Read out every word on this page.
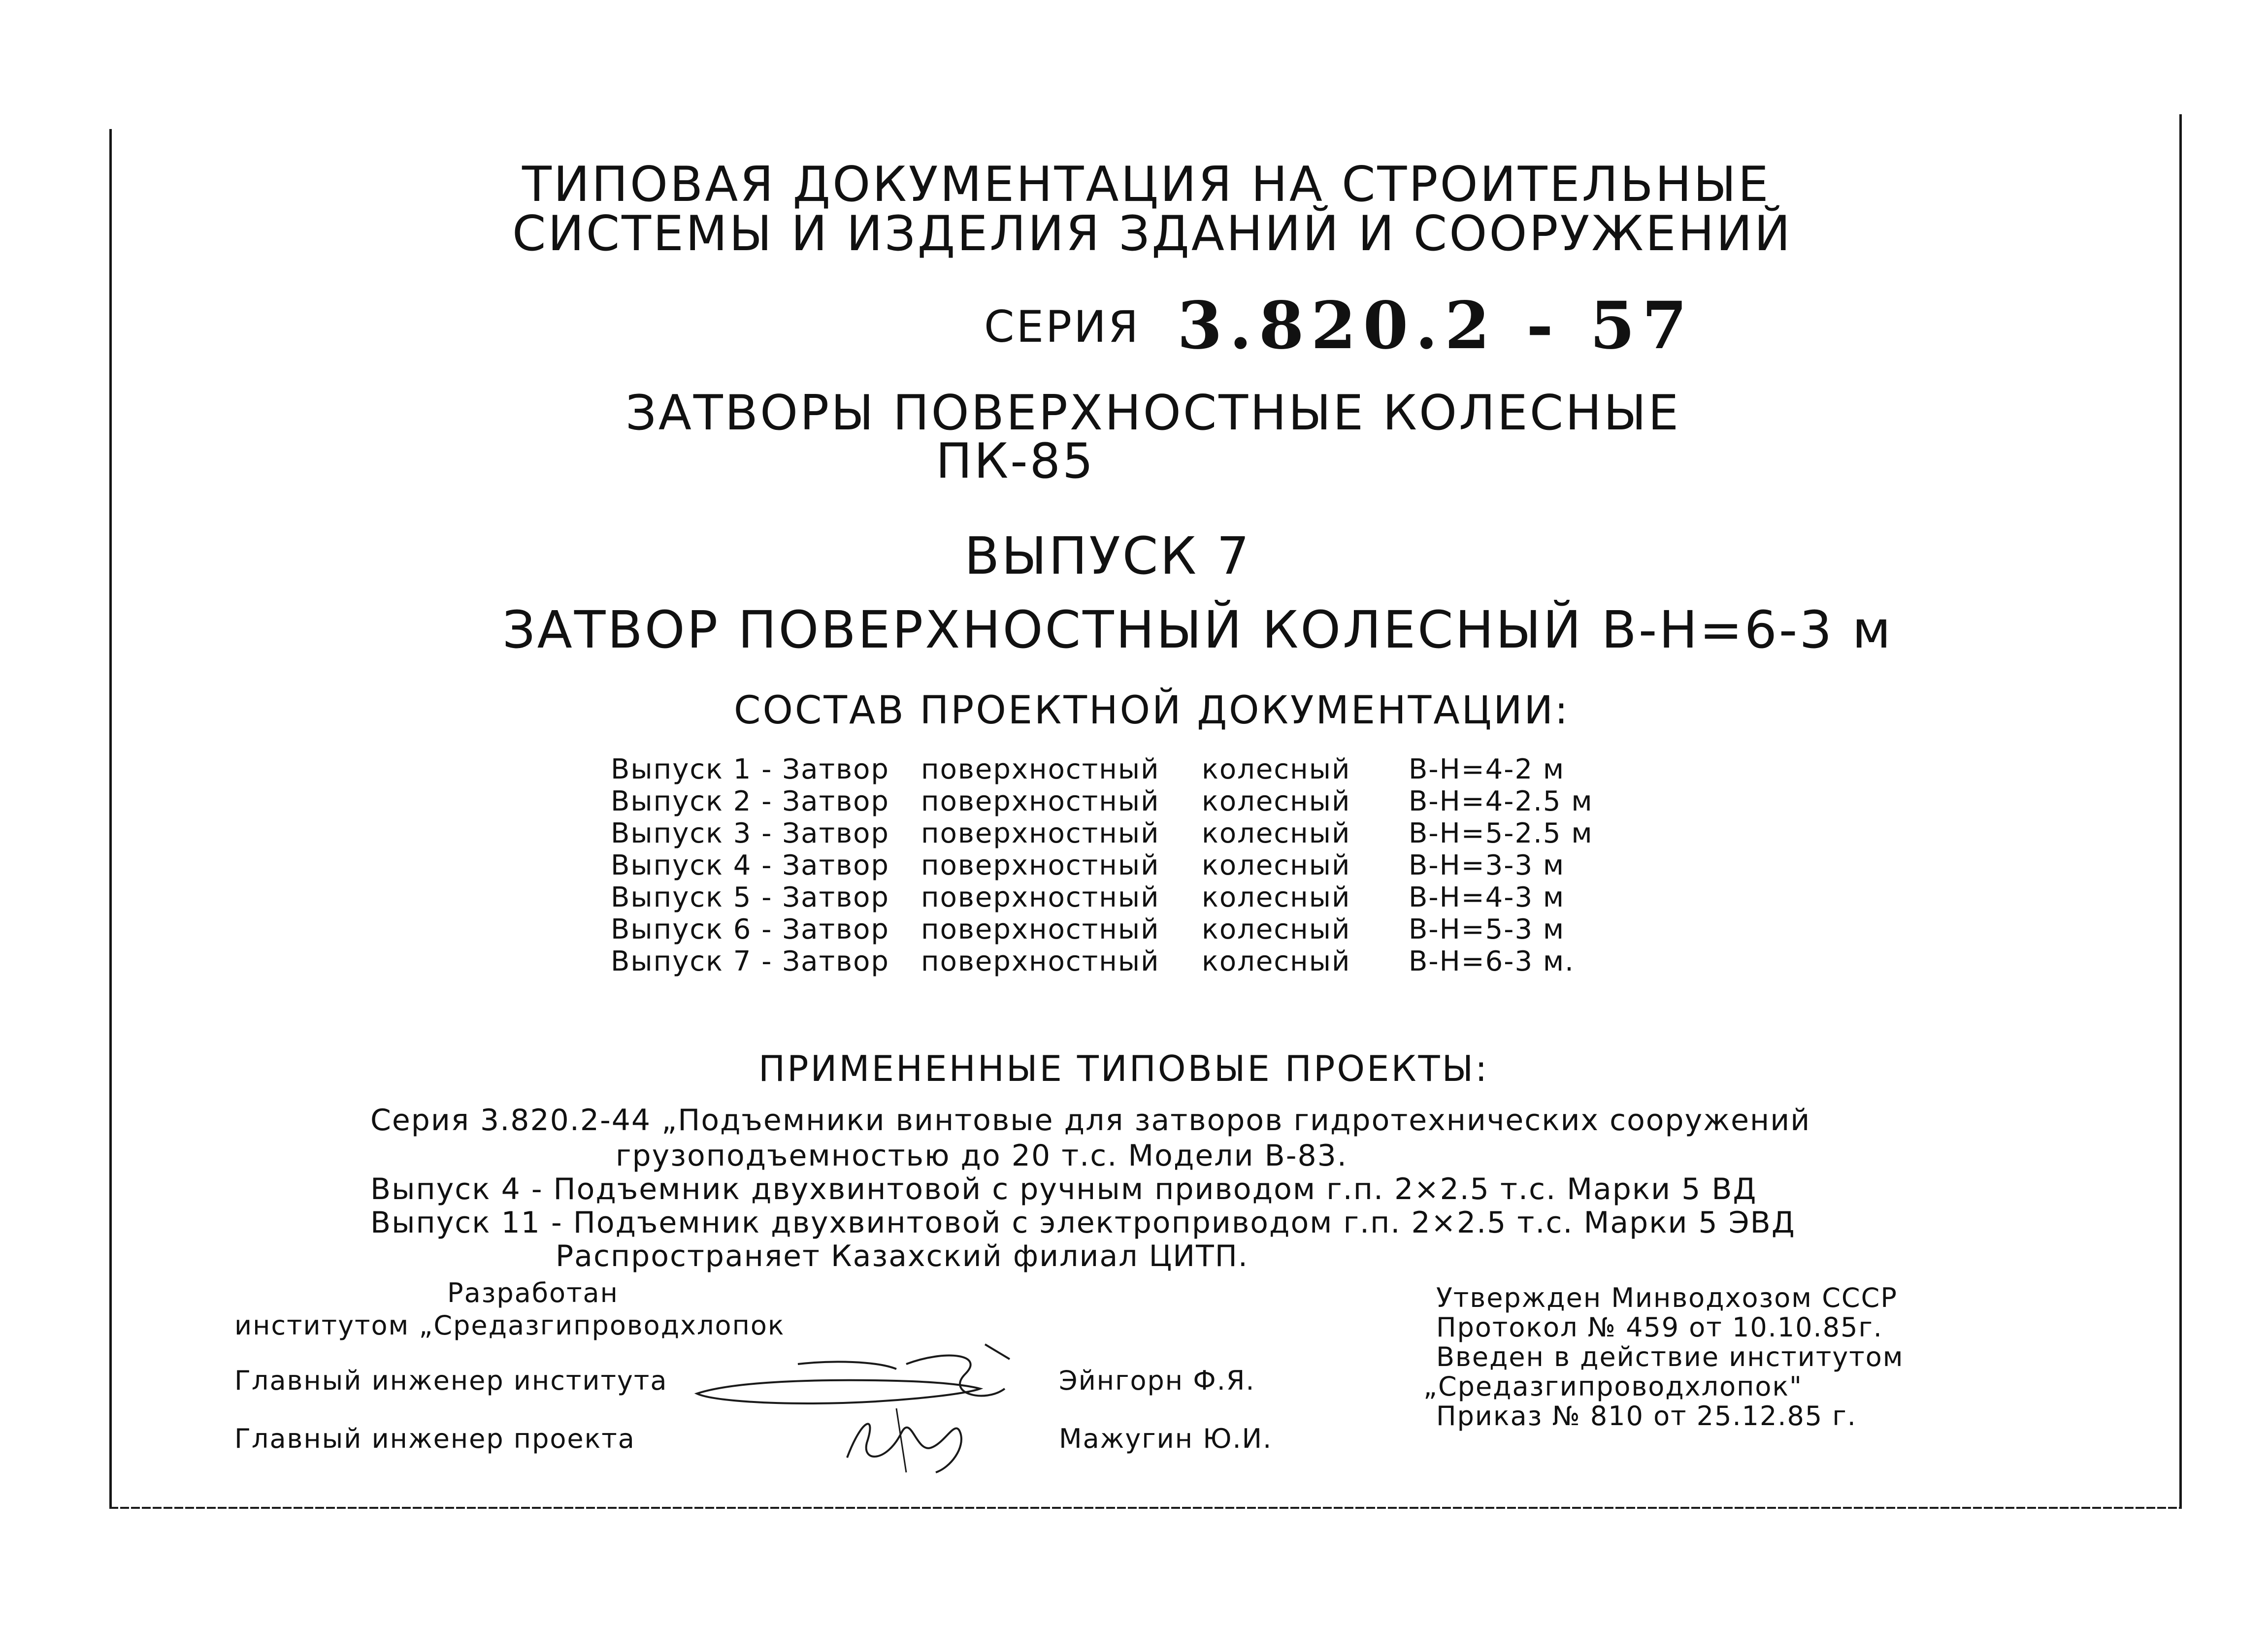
ТИПОВАЯ ДОКУМЕНТАЦИЯ НА СТРОИТЕЛЬНЫЕ
СИСТЕМЫ И ИЗДЕЛИЯ ЗДАНИЙ И СООРУЖЕНИЙ
СЕРИЯ 3.820.2 - 57
ЗАТВОРЫ ПОВЕРХНОСТНЫЕ КОЛЕСНЫЕ
ПК-85
ВЫПУСК 7
ЗАТВОР ПОВЕРХНОСТНЫЙ КОЛЕСНЫЙ В-Н=6-3 м
СОСТАВ ПРОЕКТНОЙ ДОКУМЕНТАЦИИ:
Выпуск 1 - Затвор поверхностный колесный В-Н=4-2 м
Выпуск 2 - Затвор поверхностный колесный В-Н=4-2.5 м
Выпуск 3 - Затвор поверхностный колесный В-Н=5-2.5 м
Выпуск 4 - Затвор поверхностный колесный В-Н=3-3 м
Выпуск 5 - Затвор поверхностный колесный В-Н=4-3 м
Выпуск 6 - Затвор поверхностный колесный В-Н=5-3 м
Выпуск 7 - Затвор поверхностный колесный В-Н=6-3 м.
ПРИМЕНЕННЫЕ ТИПОВЫЕ ПРОЕКТЫ:
Серия 3.820.2-44 „Подъемники винтовые для затворов гидротехнических сооружений
грузоподъемностью до 20 т.с. Модели В-83.
Выпуск 4 - Подъемник двухвинтовой с ручным приводом г.п. 2×2.5 т.с. Марки 5 ВД
Выпуск 11 - Подъемник двухвинтовой с электроприводом г.п. 2×2.5 т.с. Марки 5 ЭВД
Распространяет Казахский филиал ЦИТП.
Разработан
институтом „Средазгипроводхлопок
Главный инженер института	Эйнгорн Ф.Я.
Главный инженер проекта	Мажугин Ю.И.
Утвержден Минводхозом СССР
Протокол № 459 от 10.10.85г.
Введен в действие институтом
„Средазгипроводхлопок"
Приказ № 810 от 25.12.85 г.
